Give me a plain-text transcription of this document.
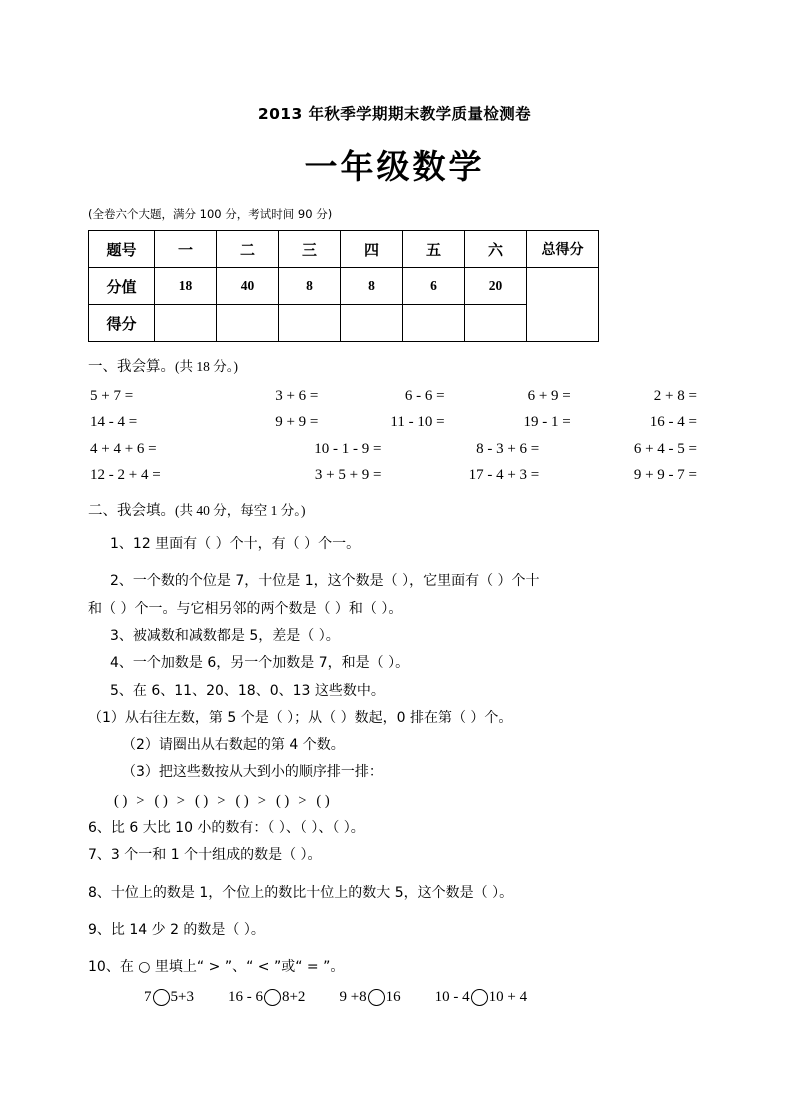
2013 年秋季学期期末教学质量检测卷
一年级数学

(全卷六个大题，满分 100 分，考试时间 90 分)

题号	一	二	三	四	五	六	总得分
分值	18	40	8	8	6	20	
得分							

一、我会算。(共 18 分。)

5 + 7 =	3 + 6 =	6 - 6 =	6 + 9 =	2 + 8 =
14 - 4 =	9 + 9 =	11 - 10 =	19 - 1 =	16 - 4 =
4 + 4 + 6 =	10 - 1 - 9 =	8 - 3 + 6 =	6 + 4 - 5 =
12 - 2 + 4 =	3 + 5 + 9 =	17 - 4 + 3 =	9 + 9 - 7 =

二、我会填。(共 40 分，每空 1 分。)

1、12 里面有（ ）个十，有（ ）个一。

2、一个数的个位是 7，十位是 1，这个数是（ ），它里面有（ ）个十

和（ ）个一。与它相另邻的两个数是（ ）和（ ）。

3、被减数和减数都是 5，差是（ ）。

4、一个加数是 6，另一个加数是 7，和是（ ）。

5、在 6、11、20、18、0、13 这些数中。

（1）从右往左数，第 5 个是（ ）；从（ ）数起，0 排在第（ ）个。

（2）请圈出从右数起的第 4 个数。

（3）把这些数按从大到小的顺序排一排：

( ) > ( ) > ( ) > ( ) > ( ) > ( )

6、比 6 大比 10 小的数有：（ ）、（ ）、（ ）。

7、3 个一和 1 个十组成的数是（ ）。

8、十位上的数是 1，个位上的数比十位上的数大 5，这个数是（ ）。

9、比 14 少 2 的数是（ ）。

10、在 ○ 里填上“ > ”、“ < ”或“ = ”。

7 5+3 16 - 6 8+2 9 +8 16 10 - 4 10 + 4
